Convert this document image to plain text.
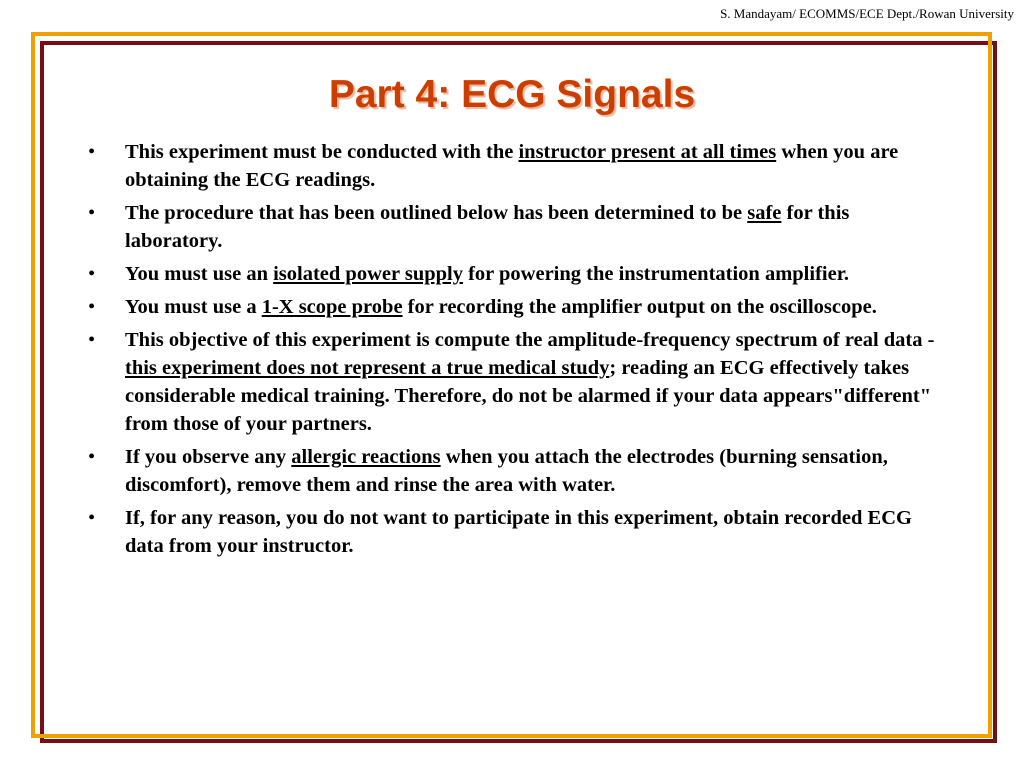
S. Mandayam/ ECOMMS/ECE Dept./Rowan University
Part 4: ECG Signals
• This experiment must be conducted with the instructor present at all times when you are obtaining the ECG readings.
• The procedure that has been outlined below has been determined to be safe for this laboratory.
• You must use an isolated power supply for powering the instrumentation amplifier.
• You must use a 1-X scope probe for recording the amplifier output on the oscilloscope.
• This objective of this experiment is compute the amplitude-frequency spectrum of real data - this experiment does not represent a true medical study; reading an ECG effectively takes considerable medical training. Therefore, do not be alarmed if your data appears"different" from those of your partners.
• If you observe any allergic reactions when you attach the electrodes (burning sensation, discomfort), remove them and rinse the area with water.
• If, for any reason, you do not want to participate in this experiment, obtain recorded ECG data from your instructor.
